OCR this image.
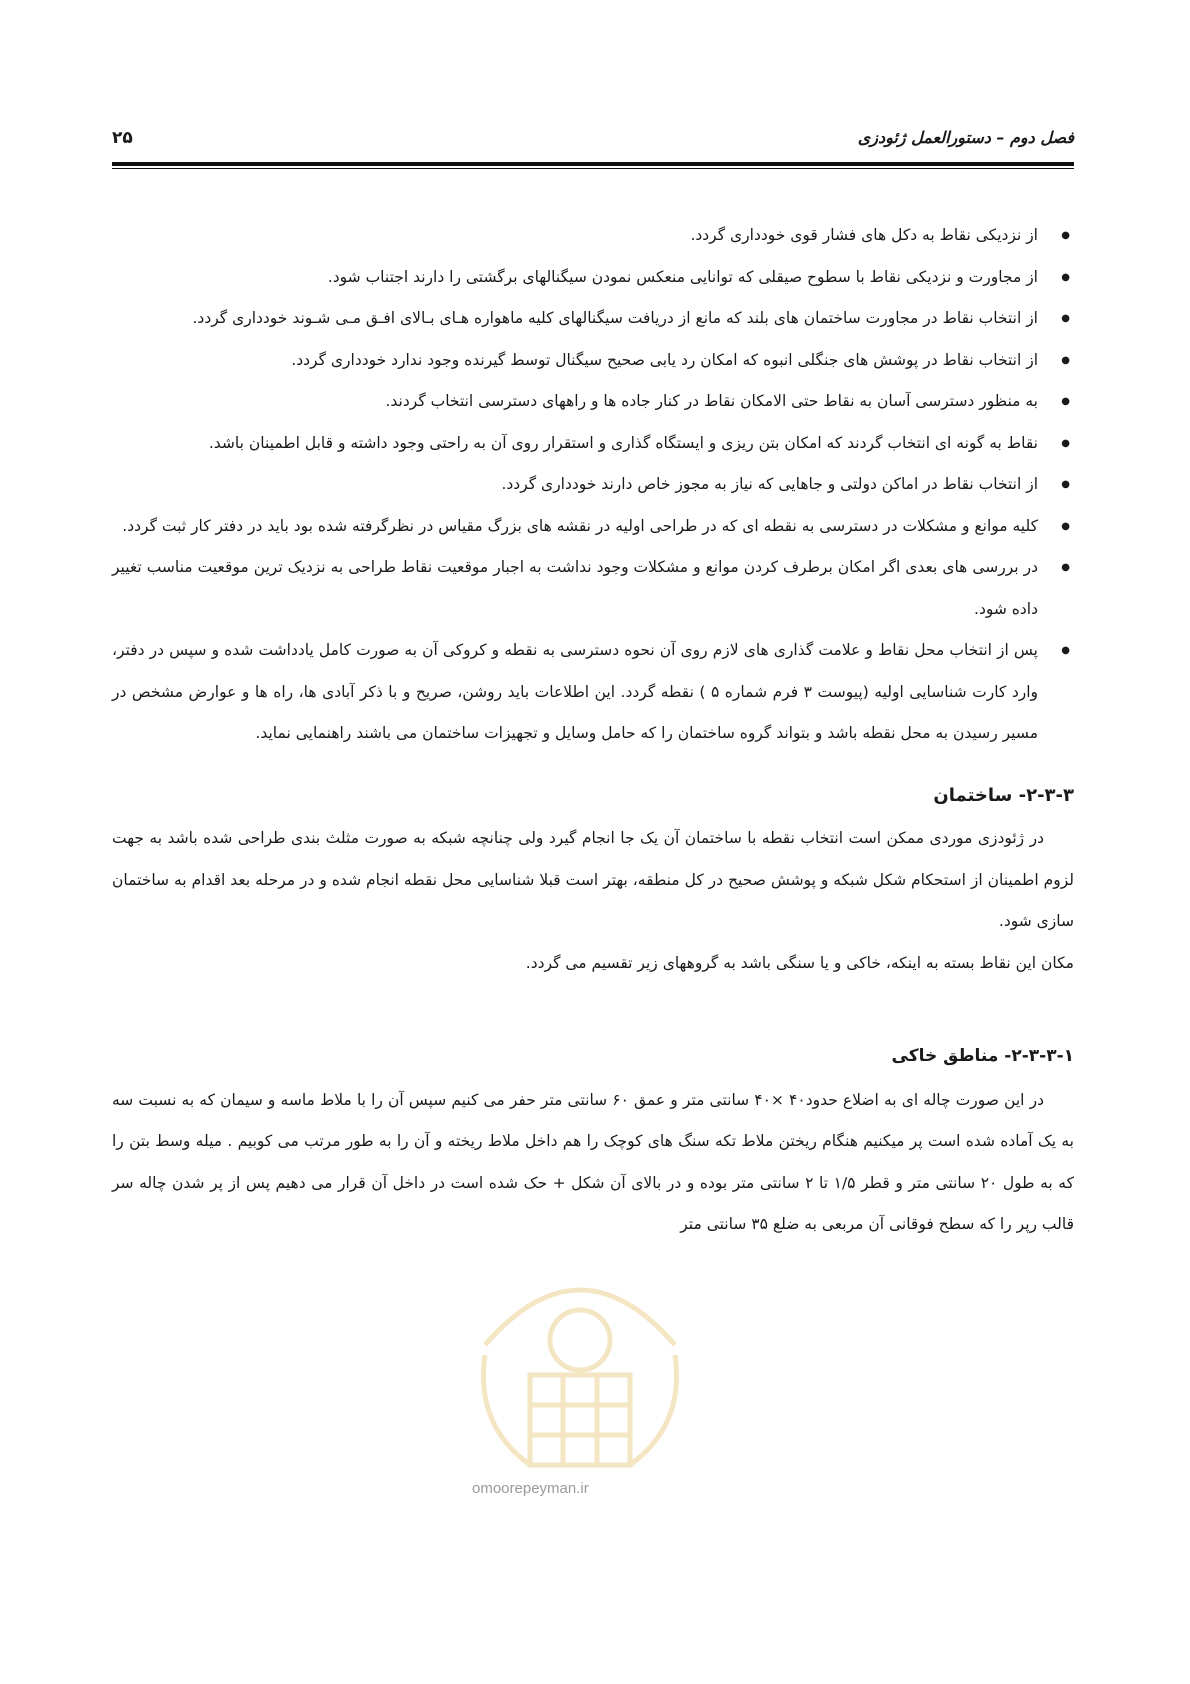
فصل دوم – دستورالعمل ژئودزی
۲۵
● از نزدیکی نقاط به دکل های فشار قوی خودداری گردد.
● از مجاورت و نزدیکی نقاط با سطوح صیقلی که توانایی منعکس نمودن سیگنالهای برگشتی را دارند اجتناب شود.
● از انتخاب نقاط در مجاورت ساختمان های بلند که مانع از دریافت سیگنالهای کلیه ماهواره هـای بـالای افـق مـی شـوند خودداری گردد.
● از انتخاب نقاط در پوشش های جنگلی انبوه که امکان رد یابی صحیح سیگنال توسط گیرنده وجود ندارد خودداری گردد.
● به منظور دسترسی آسان به نقاط حتی الامکان نقاط در کنار جاده ها و راههای دسترسی انتخاب گردند.
● نقاط به گونه ای انتخاب گردند که امکان بتن ریزی و ایستگاه گذاری و استقرار روی آن به راحتی وجود داشته و قابل اطمینان باشد.
● از انتخاب نقاط در اماکن دولتی و جاهایی که نیاز به مجوز خاص دارند خودداری گردد.
● کلیه موانع و مشکلات در دسترسی به نقطه ای که در طراحی اولیه در نقشه های بزرگ مقیاس در نظرگرفته شده بود باید در دفتر کار ثبت گردد.
● در بررسی های بعدی اگر امکان برطرف کردن موانع و مشکلات وجود نداشت به اجبار موقعیت نقاط طراحی به نزدیک ترین موقعیت مناسب تغییر داده شود.
● پس از انتخاب محل نقاط و علامت گذاری های لازم روی آن نحوه دسترسی به نقطه و کروکی آن به صورت کامل یادداشت شده و سپس در دفتر، وارد کارت شناسایی اولیه (پیوست ۳ فرم شماره ۵ ) نقطه گردد. این اطلاعات باید روشن، صریح و با ذکر آبادی ها، راه ها و عوارض مشخص در مسیر رسیدن به محل نقطه باشد و بتواند گروه ساختمان را که حامل وسایل و تجهیزات ساختمان می باشند راهنمایی نماید.
۲-۳-۳- ساختمان

در ژئودزی موردی ممکن است انتخاب نقطه با ساختمان آن یک جا انجام گیرد ولی چنانچه شبکه به صورت مثلث بندی طراحی شده باشد به جهت لزوم اطمینان از استحکام شکل شبکه و پوشش صحیح در کل منطقه، بهتر است قبلا شناسایی محل نقطه انجام شده و در مرحله بعد اقدام به ساختمان سازی شود.

مکان این نقاط بسته به اینکه، خاکی و یا سنگی باشد به گروههای زیر تقسیم می گردد.

۲-۳-۳-۱- مناطق خاکی

در این صورت چاله ای به اضلاع حدود۴۰ ×۴۰ سانتی متر و عمق ۶۰ سانتی متر حفر می کنیم سپس آن را با ملاط ماسه و سیمان که به نسبت سه به یک آماده شده است پر میکنیم هنگام ریختن ملاط تکه سنگ های کوچک را هم داخل ملاط ریخته و آن را به طور مرتب می کوبیم . میله وسط بتن را که به طول ۲۰ سانتی متر و قطر ۱/۵ تا ۲ سانتی متر بوده و در بالای آن شکل + حک شده است در داخل آن قرار می دهیم پس از پر شدن چاله سر قالب رپر را که سطح فوقانی آن مربعی به ضلع ۳۵ سانتی متر

omoorepeyman.ir
